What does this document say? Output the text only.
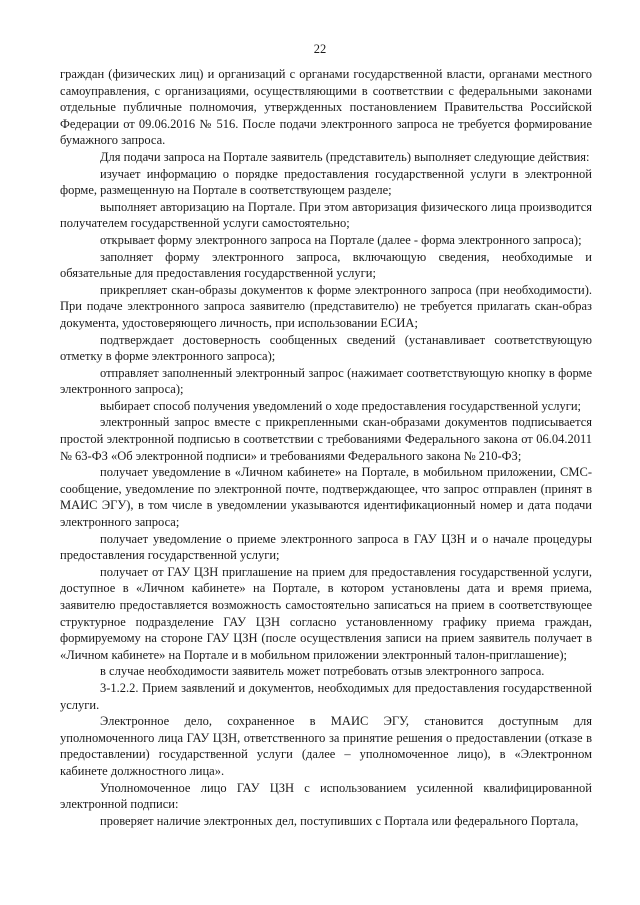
22

граждан (физических лиц) и организаций с органами государственной власти, органами местного самоуправления, с организациями, осуществляющими в соответствии с федеральными законами отдельные публичные полномочия, утвержденных постановлением Правительства Российской Федерации от 09.06.2016 № 516. После подачи электронного запроса не требуется формирование бумажного запроса.

Для подачи запроса на Портале заявитель (представитель) выполняет следующие действия:

изучает информацию о порядке предоставления государственной услуги в электронной форме, размещенную на Портале в соответствующем разделе;

выполняет авторизацию на Портале. При этом авторизация физического лица производится получателем государственной услуги самостоятельно;

открывает форму электронного запроса на Портале (далее - форма электронного запроса);

заполняет форму электронного запроса, включающую сведения, необходимые и обязательные для предоставления государственной услуги;

прикрепляет скан-образы документов к форме электронного запроса (при необходимости). При подаче электронного запроса заявителю (представителю) не требуется прилагать скан-образ документа, удостоверяющего личность, при использовании ЕСИА;

подтверждает достоверность сообщенных сведений (устанавливает соответствующую отметку в форме электронного запроса);

отправляет заполненный электронный запрос (нажимает соответствующую кнопку в форме электронного запроса);

выбирает способ получения уведомлений о ходе предоставления государственной услуги;

электронный запрос вместе с прикрепленными скан-образами документов подписывается простой электронной подписью в соответствии с требованиями Федерального закона от 06.04.2011 № 63-ФЗ «Об электронной подписи» и требованиями Федерального закона № 210-ФЗ;

получает уведомление в «Личном кабинете» на Портале, в мобильном приложении, СМС-сообщение, уведомление по электронной почте, подтверждающее, что запрос отправлен (принят в МАИС ЭГУ), в том числе в уведомлении указываются идентификационный номер и дата подачи электронного запроса;

получает уведомление о приеме электронного запроса в ГАУ ЦЗН и о начале процедуры предоставления государственной услуги;

получает от ГАУ ЦЗН приглашение на прием для предоставления государственной услуги, доступное в «Личном кабинете» на Портале, в котором установлены дата и время приема, заявителю предоставляется возможность самостоятельно записаться на прием в соответствующее структурное подразделение ГАУ ЦЗН согласно установленному графику приема граждан, формируемому на стороне ГАУ ЦЗН (после осуществления записи на прием заявитель получает в «Личном кабинете» на Портале и в мобильном приложении электронный талон-приглашение);

в случае необходимости заявитель может потребовать отзыв электронного запроса.

3-1.2.2. Прием заявлений и документов, необходимых для предоставления государственной услуги.

Электронное дело, сохраненное в МАИС ЭГУ, становится доступным для уполномоченного лица ГАУ ЦЗН, ответственного за принятие решения о предоставлении (отказе в предоставлении) государственной услуги (далее – уполномоченное лицо), в «Электронном кабинете должностного лица».

Уполномоченное лицо ГАУ ЦЗН с использованием усиленной квалифицированной электронной подписи:

проверяет наличие электронных дел, поступивших с Портала или федерального Портала,
